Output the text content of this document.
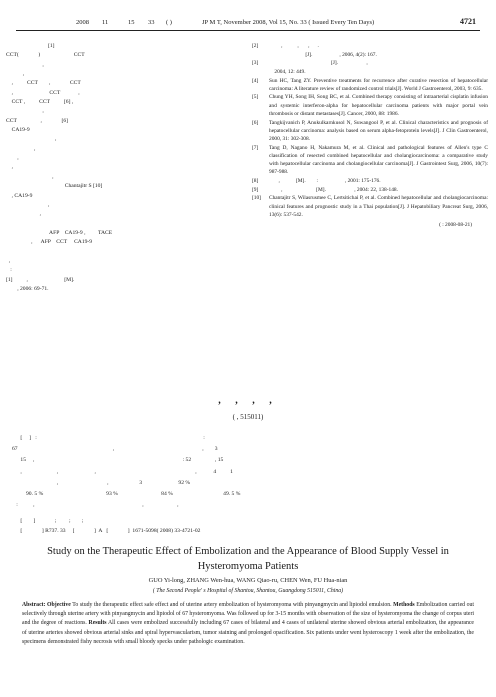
2008 11	15 33 ( )	JP M T, November 2008, Vol 15, No. 33 ( Issued Every Ten Days)	4721
[1]
CCT(              )                        CCT
,
,
,          CCT        ,              CCT
,                          CCT             ,
CCT ,          CCT          [6] ,
,
CCT                 ,              [6]
CA19-9
,
,
,
,
,
Chantajitr S [10]
, CA19-9
,
,
AFP    CA19-9 ,         TACE
,      AFP    CCT     CA19-9
,
:
[1]          ,                          [M].
, 2006: 69-71.
[2]	,           ,       ,      .
[J].                    , 2006, 4(2): 167.
[3]	[J].                     ,
2004, 12: 449.
[4]	Sun HC, Tang ZY. Preventive treatments for recurrence after curative resection of hepatocellular carcinoma: A literature review of randomized control trials[J]. World J Gastroenterol, 2003, 9: 635.
[5]	Chung YH, Song IH, Song BC, et al. Combined therapy consisting of intraarterial cisplatin infusion and systemic interferon-alpha for hepatocellular carcinoma patients with major portal vein thrombosis or distant metastases[J]. Cancer, 2000, 88: 1986.
[6]	Tangkijvanich P, Anukulkarnkusol N, Suwangool P, et al. Clinical characteristics and prognosis of hepatocellular carcinoma: analysis based on serum alpha-fetoprotein levels[J]. J Clin Gastroenterol, 2000, 31: 302-308.
[7]	Tang D, Nagano H, Nakamura M, et al. Clinical and pathological features of Allen's type C classification of resected combined hepatocellular and cholangiocarcinoma: a comparative study with hepatocellular carcinoma and cholangiocellular carcinoma[J]. J Gastrointest Surg, 2006, 10(7): 987-988.
[8]	,            [M].        :                    , 2001: 175-176.
[9]	,                         [M].                     , 2004: 22, 138-148.
[10]	Chantajitr S, Wilasrusmee C, Lertsitichai P, et al. Combined hepatocellular and cholangiocarcinoma: clinical features and prognostic study in a Thai population[J]. J Hepatobiliary Pancreat Surg, 2006, 13(6): 537-542.
( : 2008-08-21)
, , , ,
( , 515011)
[     ]   :                                                                                                                       :
67                                                                    ,                                                               ,        3
15     ,                                                                                                          : 52                 , 15
,                         ,                          ,                                                                       ,            4          1
,                                   ,                      3                          92 %
90. 5 %                                             93 %                               84 %                                    49. 5 %
:           ,                                                                             ,                        ,
[        ]              ;         ;        ;
[              ] R737. 33     [              ]  A   [              ]  1671-5098( 2008) 33-4721-02
Study on the Therapeutic Effect of Embolization and the Appearance of Blood Supply Vessel in Hysteromyoma Patients
GUO Yi-long, ZHANG Wen-hua, WANG Qiao-ru, CHEN Wen, FU Hua-nian
( The Second People' s Hospital of Shantou, Shantou, Guangdong 515011, China)
Abstract: Objective To study the therapeutic effect safe effect and of uterine artery embolization of hysteromyoma with pinyangmycin and lipiodol emulsion. Methods Embolization carried out selectively through uterine artery with pinyangmycin and lipiodol of 67 hysteromyoma. Was followed up for 3-15 months with observation of the size of hysteromyoma the change of corpus uteri and the degree of reactions. Results All cases were embolized successfully including 67 cases of bilateral and 4 cases of unilateral uterine showed obvious arterial embolization, the appearance of uterine arteries showed obvious arterial sinks and spiral hypervascularism, tumor staining and prolonged opacification. Six patients under went hysteroscopy 1 week after the embolization, the specimens demonstrated fishy necrosis with small bloody specks under pathologic examination.
